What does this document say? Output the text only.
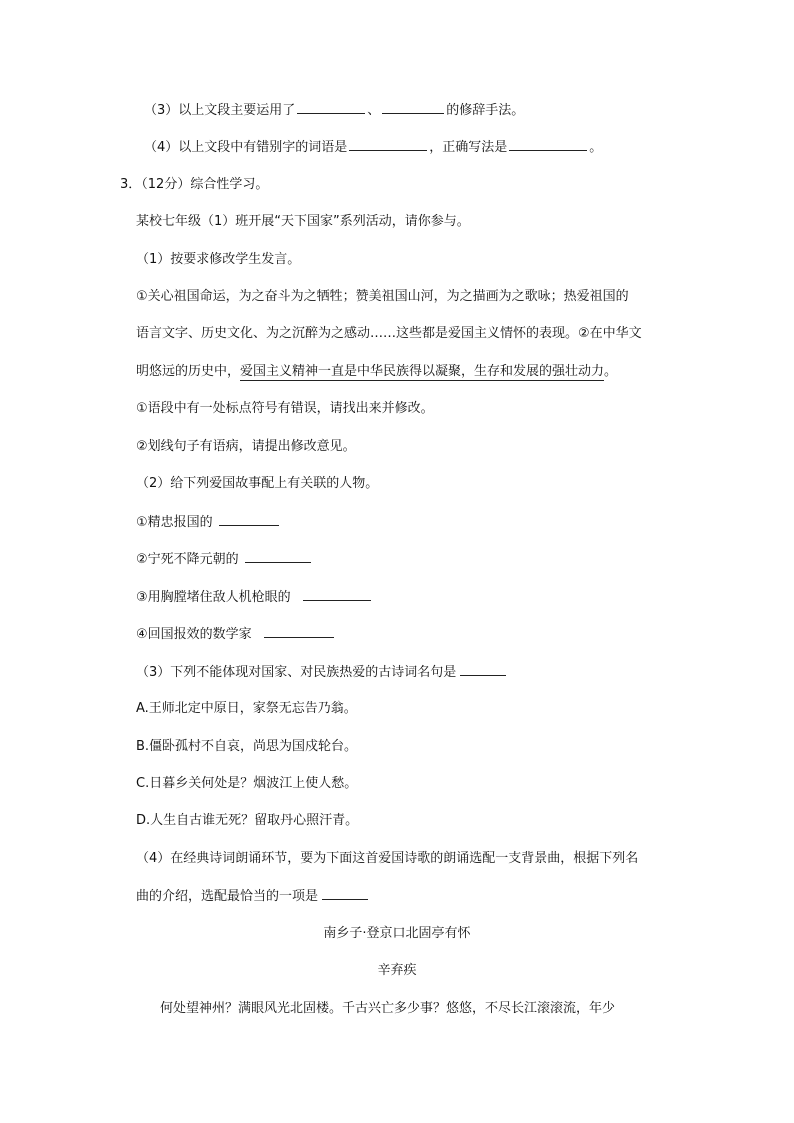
（3）以上文段主要运用了	、	的修辞手法。
（4）以上文段中有错别字的词语是	，正确写法是	。
3．（12分）综合性学习。
某校七年级（1）班开展“天下国家”系列活动，请你参与。
（1）按要求修改学生发言。
①关心祖国命运，为之奋斗为之牺牲；赞美祖国山河，为之描画为之歌咏；热爱祖国的
语言文字、历史文化、为之沉醉为之感动……这些都是爱国主义情怀的表现。②在中华文
明悠远的历史中，爱国主义精神一直是中华民族得以凝聚，生存和发展的强壮动力。
①语段中有一处标点符号有错误，请找出来并修改。
②划线句子有语病，请提出修改意见。
（2）给下列爱国故事配上有关联的人物。
①精忠报国的
②宁死不降元朝的
③用胸膛堵住敌人机枪眼的
④回国报效的数学家
（3）下列不能体现对国家、对民族热爱的古诗词名句是
A.王师北定中原日，家祭无忘告乃翁。
B.僵卧孤村不自哀，尚思为国戍轮台。
C.日暮乡关何处是？烟波江上使人愁。
D.人生自古谁无死？留取丹心照汗青。
（4）在经典诗词朗诵环节，要为下面这首爱国诗歌的朗诵选配一支背景曲，根据下列名
曲的介绍，选配最恰当的一项是
南乡子·登京口北固亭有怀
辛弃疾
何处望神州？满眼风光北固楼。千古兴亡多少事？悠悠，不尽长江滚滚流，年少
